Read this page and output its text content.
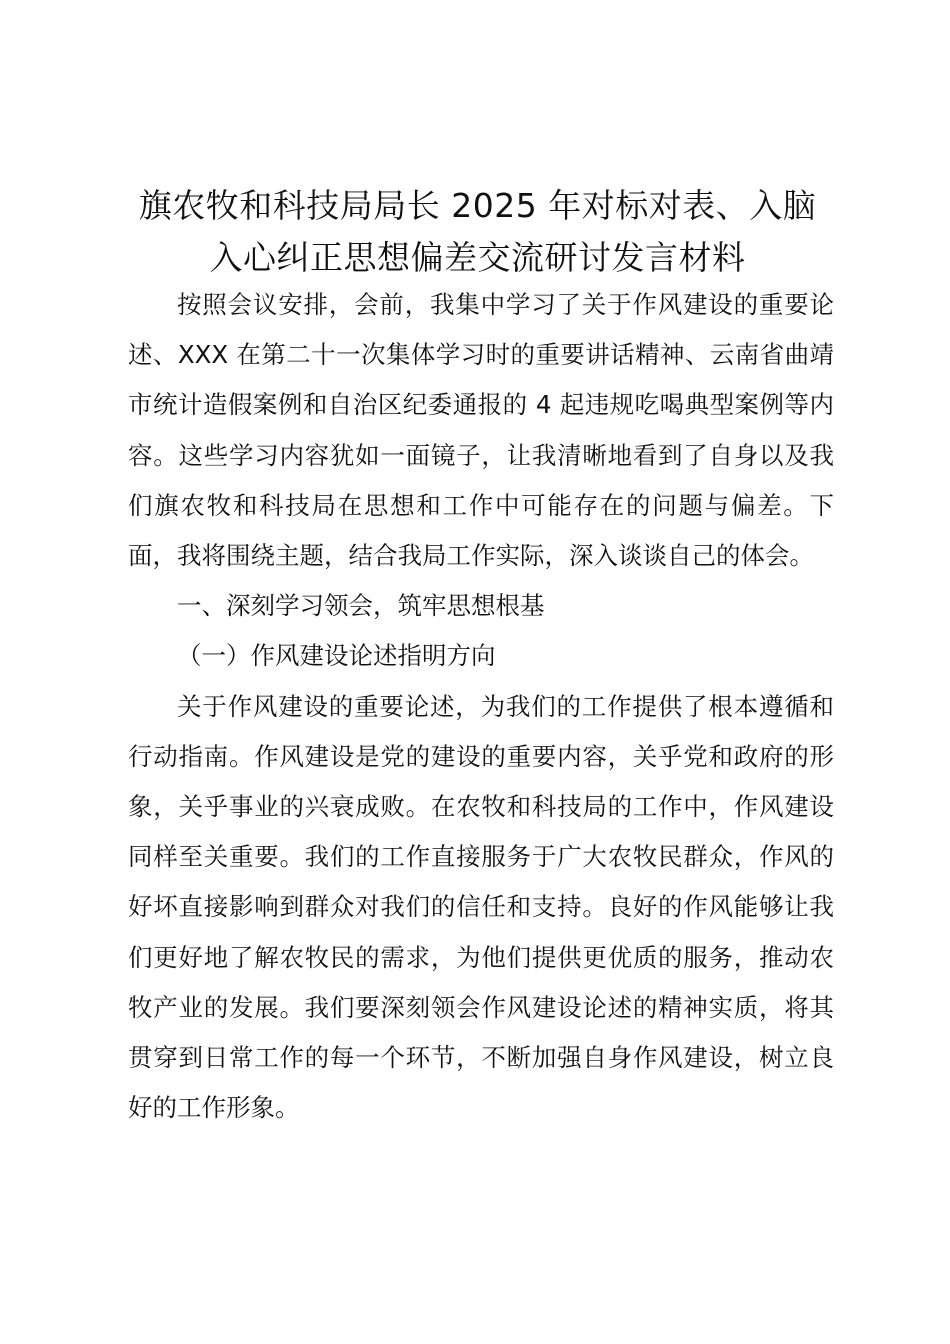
旗农牧和科技局局长 2025 年对标对表、入脑
入心纠正思想偏差交流研讨发言材料

按照会议安排，会前，我集中学习了关于作风建设的重要论述、XXX 在第二十一次集体学习时的重要讲话精神、云南省曲靖市统计造假案例和自治区纪委通报的 4 起违规吃喝典型案例等内容。这些学习内容犹如一面镜子，让我清晰地看到了自身以及我们旗农牧和科技局在思想和工作中可能存在的问题与偏差。下面，我将围绕主题，结合我局工作实际，深入谈谈自己的体会。

一、深刻学习领会，筑牢思想根基

（一）作风建设论述指明方向

关于作风建设的重要论述，为我们的工作提供了根本遵循和行动指南。作风建设是党的建设的重要内容，关乎党和政府的形象，关乎事业的兴衰成败。在农牧和科技局的工作中，作风建设同样至关重要。我们的工作直接服务于广大农牧民群众，作风的好坏直接影响到群众对我们的信任和支持。良好的作风能够让我们更好地了解农牧民的需求，为他们提供更优质的服务，推动农牧产业的发展。我们要深刻领会作风建设论述的精神实质，将其贯穿到日常工作的每一个环节，不断加强自身作风建设，树立良好的工作形象。
